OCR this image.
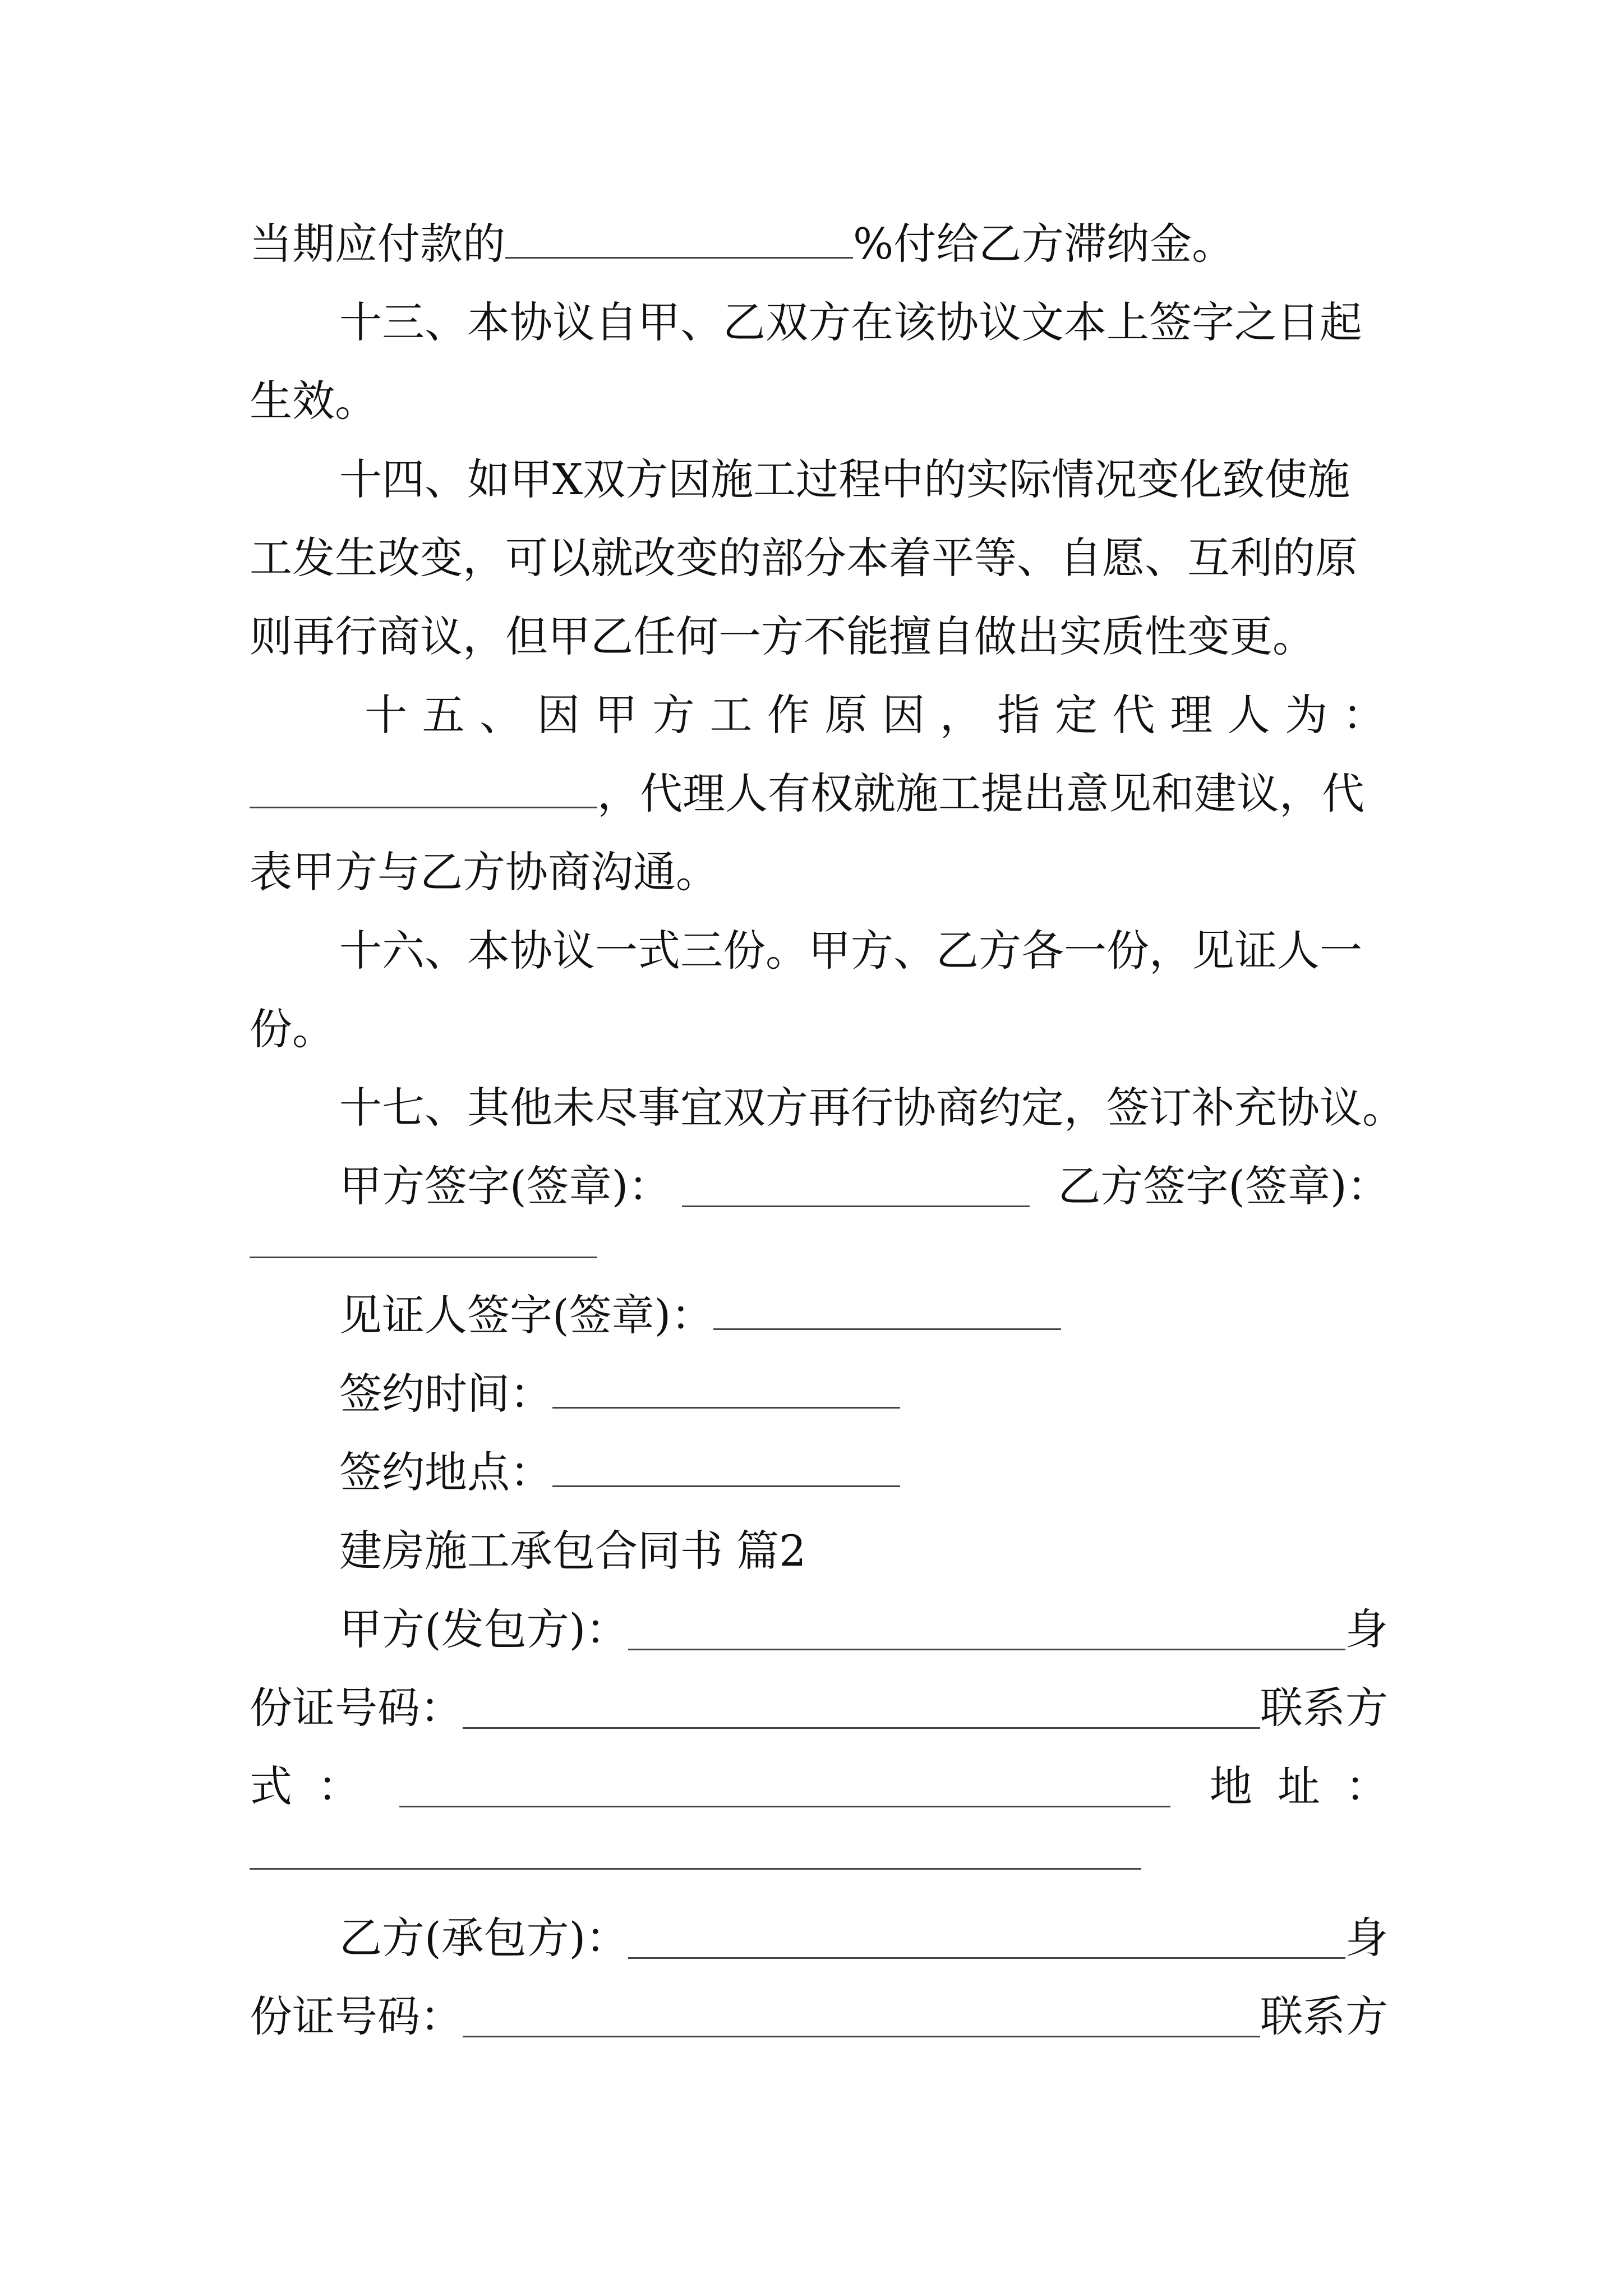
当期应付款的	%付给乙方滞纳金。
十三、本协议自甲、乙双方在该协议文本上签字之日起
生效。
十四、如甲X双方因施工过程中的实际情况变化致使施
工发生改变，可以就改变的部分本着平等、自愿、互利的原
则再行商议，但甲乙任何一方不能擅自做出实质性变更。
十 五 、 因 甲 方 工 作 原 因 ， 指 定 代 理 人 为 ：
，代理人有权就施工提出意见和建议，代
表甲方与乙方协商沟通。
十六、本协议一式三份。甲方、乙方各一份，见证人一
份。
十七、其他未尽事宜双方再行协商约定，签订补充协议。
甲方签字(签章)：	乙方签字(签章)：
见证人签字(签章)：
签约时间：
签约地点：
建房施工承包合同书 篇2
甲方(发包方)：	身
份证号码：	联系方
式 ：	地 址 ：
乙方(承包方)：	身
份证号码：	联系方
